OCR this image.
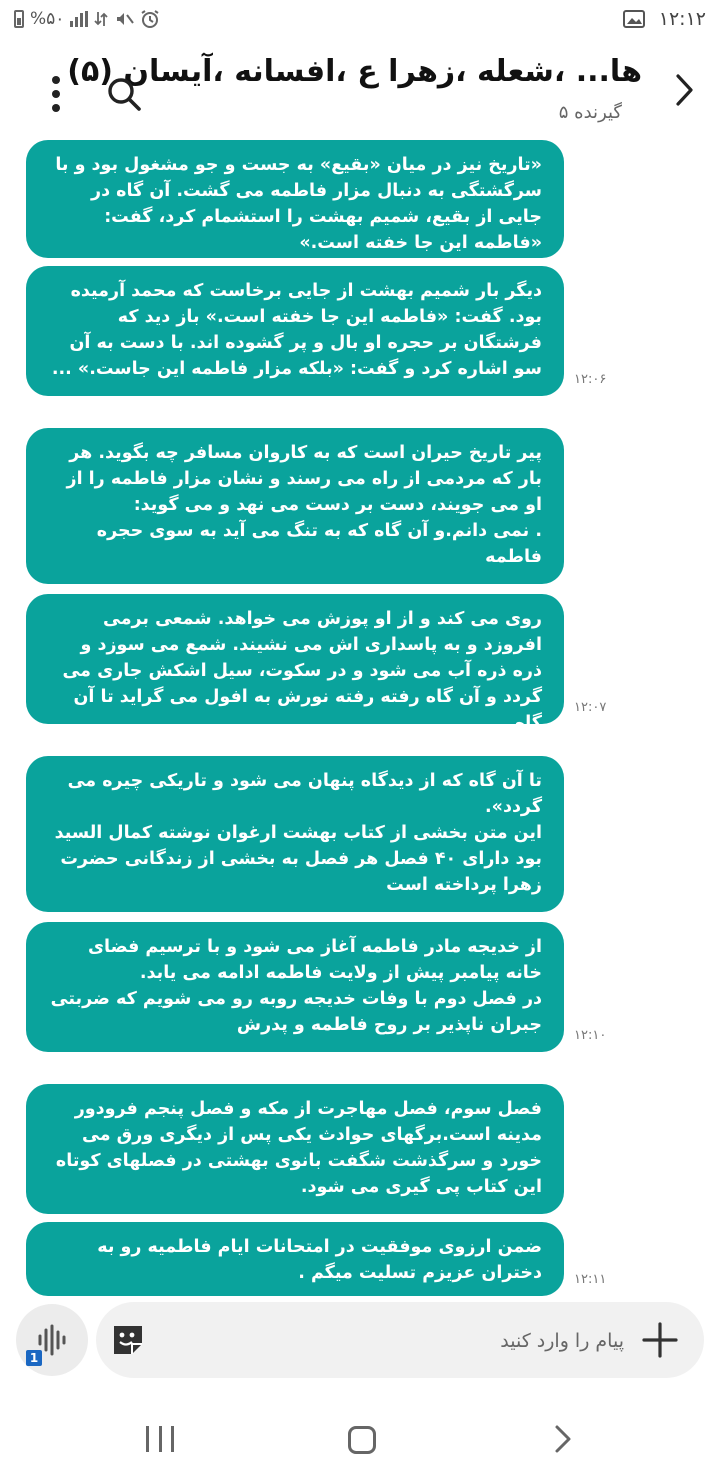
%۵۰	۱۲:۱۲
ها... ،شعله ،زهرا ع ،افسانه ،آیسان (۵)
گیرنده ۵
«تاریخ نیز در میان «بقیع» به جست و جو مشغول بود و با سرگشتگی به دنبال مزار فاطمه می گشت. آن گاه در جایی از بقیع، شمیم بهشت را استشمام کرد، گفت: «فاطمه این جا خفته است.»
دیگر بار شمیم بهشت از جایی برخاست که محمد آرمیده بود. گفت: «فاطمه این جا خفته است.» باز دید که فرشتگان بر حجره او بال و پر گشوده اند. با دست به آن سو اشاره کرد و گفت: «بلکه مزار فاطمه این جاست.» ...
۱۲:۰۶
پیر تاریخ حیران است که به کاروان مسافر چه بگوید. هر بار که مردمی از راه می رسند و نشان مزار فاطمه را از او می جویند، دست بر دست می نهد و می گوید:
. نمی دانم.و آن گاه که به تنگ می آید به سوی حجره فاطمه
روی می کند و از او پوزش می خواهد. شمعی برمی افروزد و به پاسداری اش می نشیند. شمع می سوزد و ذره ذره آب می شود و در سکوت، سیل اشکش جاری می گردد و آن گاه رفته رفته نورش به افول می گراید تا آن گاه
۱۲:۰۷
تا آن گاه که از دیدگاه پنهان می شود و تاریکی چیره می گردد».
این متن بخشی از کتاب بهشت ارغوان نوشته کمال السید بود دارای ۴۰ فصل هر فصل به بخشی از زندگانی حضرت زهرا پرداخته است
از خدیجه مادر فاطمه آغاز می شود و با ترسیم فضای خانه پیامبر پیش از ولایت فاطمه ادامه می یابد.
در فصل دوم با وفات خدیجه روبه رو می شویم که ضربتی جبران ناپذیر بر روح فاطمه و پدرش
۱۲:۱۰
فصل سوم، فصل مهاجرت از مکه و فصل پنجم فرودور مدینه است.برگهای حوادث یکی پس از دیگری ورق می خورد و سرگذشت شگفت بانوی بهشتی در فصلهای کوتاه این کتاب پی گیری می شود.
ضمن ارزوی موفقیت در امتحانات ایام فاطمیه رو به دختران عزیزم تسلیت میگم .	۱۲:۱۱
پیام را وارد کنید
1
